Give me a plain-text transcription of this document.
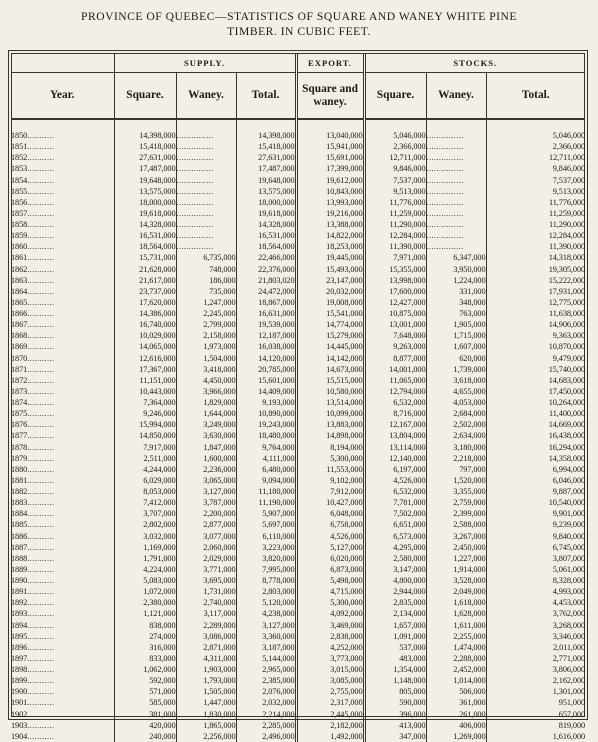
PROVINCE OF QUEBEC—STATISTICS OF SQUARE AND WANEY WHITE PINE
TIMBER. IN CUBIC FEET.
	SUPPLY.			EXPORT.	STOCKS.		
Year.	Square.	Waney.	Total.	Square and
waney.	Square.	Waney.	Total.

1850...........	14,398,000	...............	14,398,000	13,040,000	5,046,000	...............	5,046,000
1851...........	15,418,000	...............	15,418,000	15,941,000	2,366,000	...............	2,366,000
1852...........	27,631,000	...............	27,631,000	15,691,000	12,711,000	...............	12,711,000
1853...........	17,487,000	...............	17,487,000	17,399,000	9,846,000	...............	9,846,000
1854...........	19,648,000	...............	19,648,000	19,612,000	7,537,000	...............	7,537,000
1855...........	13,575,000	...............	13,575,000	10,843,000	9,513,000	...............	9,513,000
1856...........	18,000,000	...............	18,000,000	13,993,000	11,776,000	...............	11,776,000
1857...........	19,618,000	...............	19,618,000	19,216,000	11,259,000	...............	11,259,000
1858...........	14,328,000	...............	14,328,000	13,388,000	11,290,000	...............	11,290,000
1859...........	16,531,000	...............	16,531,000	14,822,000	12,284,000	...............	12,284,000
1860...........	18,564,000	...............	18,564,000	18,253,000	11,390,000	...............	11,390,000
1861...........	15,731,000	6,735,000	22,466,000	19,445,000	7,971,000	6,347,000	14,318,000
1862...........	21,628,000	748,000	22,376,000	15,493,000	15,355,000	3,950,000	19,305,000
1863...........	21,617,000	186,000	21,803,020	23,147,000	13,998,000	1,224,000	15,222,000
1864...........	23,737,000	735,000	24,472,000	20,032,000	17,600,000	331,000	17,931,000
1865...........	17,620,000	1,247,000	18,867,000	19,008,000	12,427,000	348,000	12,775,000
1866...........	14,386,000	2,245,000	16,631,000	15,541,000	10,875,000	763,000	11,638,000
1867...........	16,740,000	2,799,000	19,539,000	14,774,000	13,001,000	1,905,000	14,906,000
1868...........	10,029,000	2,158,000	12,187,000	15,279,000	7,648,000	1,715,000	9,363,000
1869...........	14,065,000	1,973,000	16,038,000	14,445,000	9,263,000	1,607,000	10,870,000
1870...........	12,616,000	1,504,000	14,120,000	14,142,000	8,877,000	620,000	9,479,000
1871...........	17,367,000	3,418,000	20,785,000	14,673,000	14,001,000	1,739,000	15,740,000
1872...........	11,151,000	4,450,000	15,601,000	15,515,000	11,065,000	3,618,000	14,683,000
1873...........	10,443,000	3,966,000	14,409,000	10,580,000	12,794,000	4,655,000	17,450,000
1874...........	7,364,000	1,829,000	9,193,000	13,514,000	6,532,000	4,053,000	10,264,000
1875...........	9,246,000	1,644,000	10,890,000	10,099,000	8,716,000	2,684,000	11,400,000
1876...........	15,994,000	3,249,000	19,243,000	13,883,000	12,167,000	2,502,000	14,669,000
1877...........	14,850,000	3,630,000	18,480,000	14,898,000	13,804,000	2,634,000	16,438,000
1878...........	7,917,000	1,847,000	9,764,000	8,194,000	13,114,000	3,180,000	16,294,000
1879...........	2,511,000	1,600,000	4,111,000	5,300,000	12,140,000	2,218,000	14,358,000
1880...........	4,244,000	2,236,000	6,480,000	11,553,000	6,197,000	797,000	6,994,000
1881...........	6,029,000	3,065,000	9,094,000	9,102,000	4,526,000	1,520,000	6,046,000
1882...........	8,053,000	3,127,000	11,180,000	7,912,000	6,532,000	3,355,000	9,887,000
1883...........	7,412,000	3,787,000	11,190,000	10,427,000	7,781,000	2,759,000	10,540,000
1884...........	3,707,000	2,200,000	5,907,000	6,048,000	7,502,000	2,399,000	9,901,000
1885...........	2,802,000	2,877,000	5,697,000	6,758,000	6,651,000	2,588,000	9,239,000
1886...........	3,032,000	3,077,000	6,110,000	4,526,000	6,573,000	3,267,000	9,840,000
1887...........	1,169,000	2,060,000	3,223,000	5,127,000	4,295,000	2,450,000	6,745,000
1888...........	1,791,000	2,029,000	3,820,000	6,020,000	2,580,000	1,227,000	3,807,000
1889...........	4,224,000	3,771,000	7,995,000	6,873,000	3,147,000	1,914,000	5,061,000
1890...........	5,083,000	3,695,000	8,778,000	5,498,000	4,800,000	3,528,000	8,328,000
1891...........	1,072,000	1,731,000	2,803,000	4,715,000	2,944,000	2,049,000	4,993,000
1892...........	2,380,000	2,740,000	5,120,000	5,300,000	2,835,000	1,618,000	4,453,000
1893...........	1,121,000	3,117,000	4,238,000	4,092,000	2,134,000	1,628,000	3,762,000
1894...........	838,000	2,289,000	3,127,000	3,469,000	1,657,000	1,611,000	3,268,000
1895...........	274,000	3,086,000	3,360,000	2,838,000	1,091,000	2,255,000	3,346,000
1896...........	316,000	2,871,000	3,187,000	4,252,000	537,000	1,474,000	2,011,000
1897...........	833,000	4,311,000	5,144,000	3,773,000	483,000	2,288,000	2,771,000
1898...........	1,062,000	1,903,000	2,965,000	3,015,000	1,354,000	2,452,000	3,806,000
1899...........	592,000	1,793,000	2,385,000	3,085,000	1,148,000	1,014,000	2,162,000
1900...........	571,000	1,505,000	2,076,000	2,755,000	805,000	506,000	1,301,000
1901...........	585,000	1,447,000	2,032,000	2,317,000	590,000	361,000	951,000
1902...........	381,000	1,830,000	2,214,000	2,445,000	396,000	261,000	657,000
1903...........	420,000	1,865,000	2,285,000	2,182,000	413,000	406,000	819,000
1904...........	240,000	2,256,000	2,496,000	1,492,000	347,000	1,269,000	1,616,000
